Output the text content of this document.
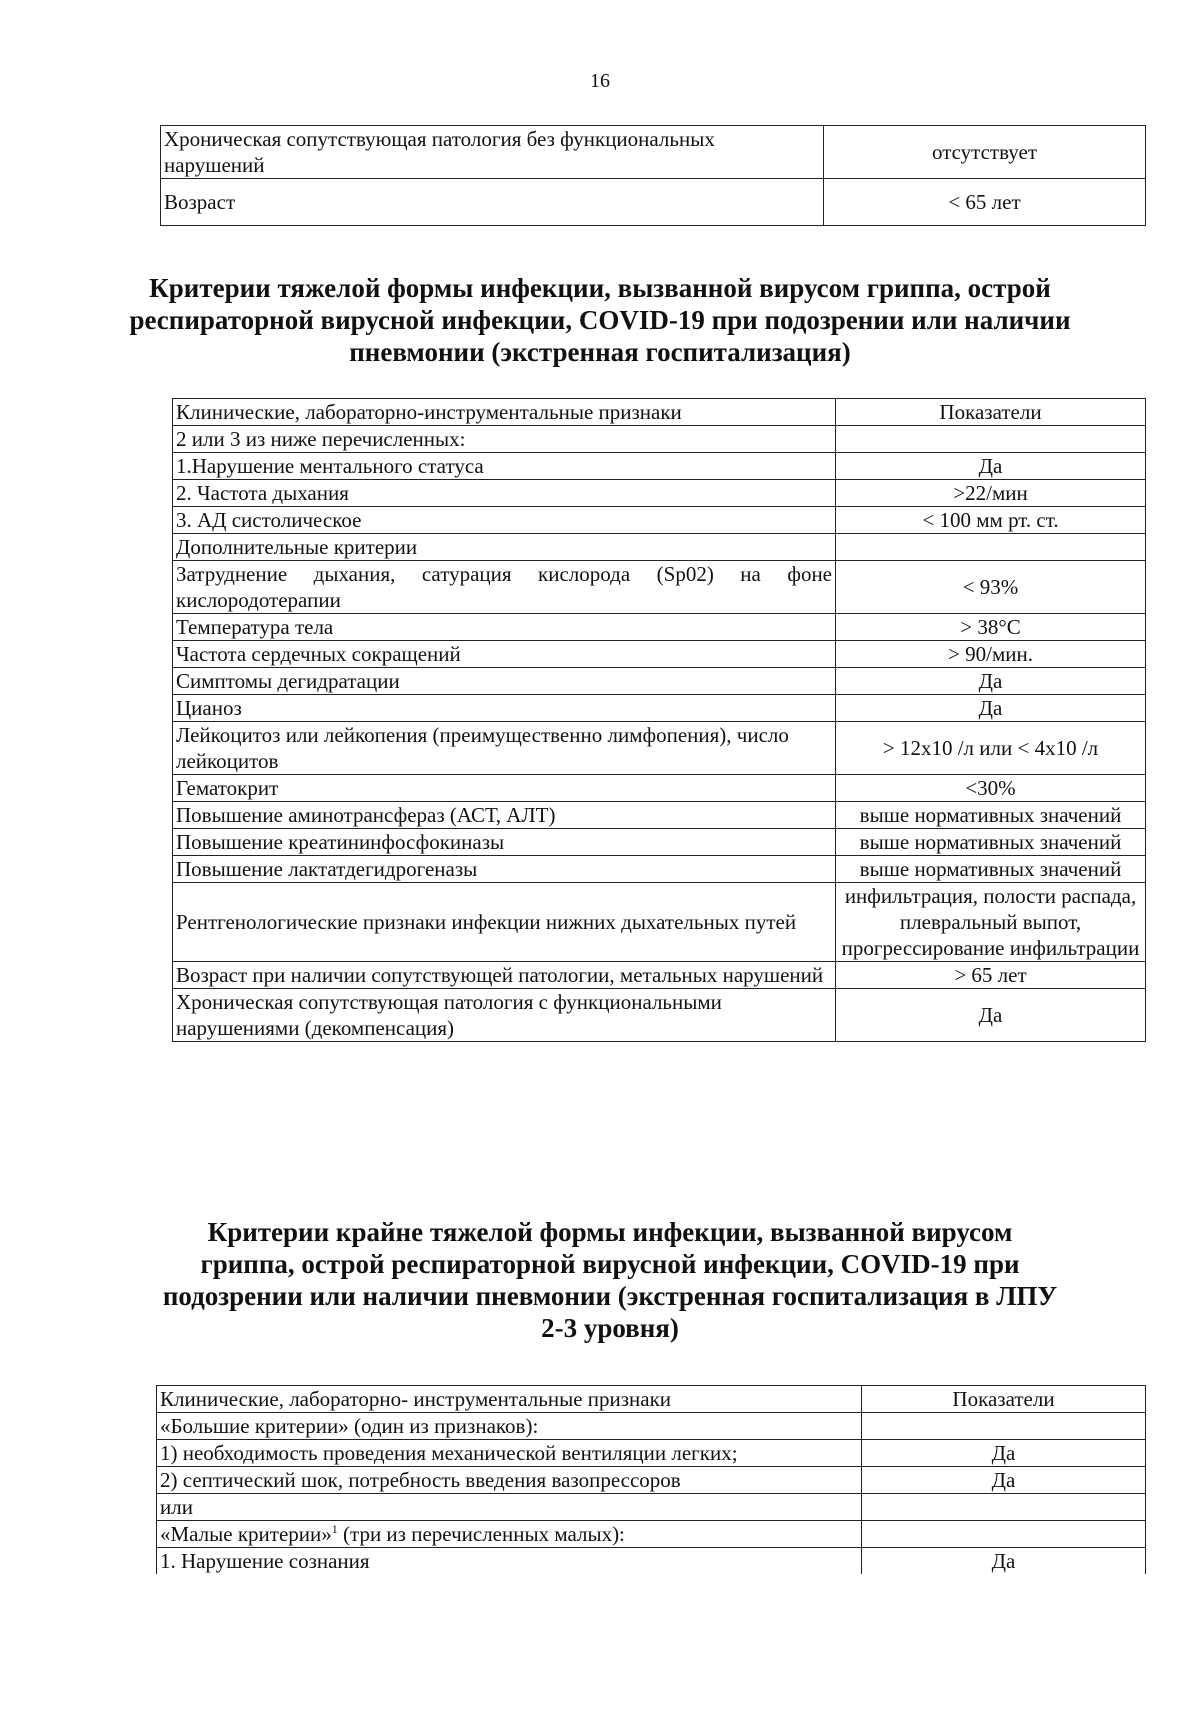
16
Хроническая сопутствующая патология без функциональных нарушений	отсутствует
Возраст	< 65 лет
Критерии тяжелой формы инфекции, вызванной вирусом гриппа, острой респираторной вирусной инфекции, COVID-19 при подозрении или наличии пневмонии (экстренная госпитализация)
Клинические, лабораторно-инструментальные признаки	Показатели
2 или 3 из ниже перечисленных:	
1.Нарушение ментального статуса	Да
2. Частота дыхания	>22/мин
3. АД систолическое	< 100 мм рт. ст.
Дополнительные критерии	
Затруднение дыхания, сатурация кислорода (Sp02) на фоне кислородотерапии	< 93%
Температура тела	> 38°С
Частота сердечных сокращений	> 90/мин.
Симптомы дегидратации	Да
Цианоз	Да
Лейкоцитоз или лейкопения (преимущественно лимфопения), число лейкоцитов	> 12x10 /л или < 4x10 /л
Гематокрит	<30%
Повышение аминотрансфераз (АСТ, АЛТ)	выше нормативных значений
Повышение креатининфосфокиназы	выше нормативных значений
Повышение лактатдегидрогеназы	выше нормативных значений
Рентгенологические признаки инфекции нижних дыхательных путей	инфильтрация, полости распада, плевральный выпот, прогрессирование инфильтрации
Возраст при наличии сопутствующей патологии, метальных нарушений	> 65 лет
Хроническая сопутствующая патология с функциональными нарушениями (декомпенсация)	Да
Критерии крайне тяжелой формы инфекции, вызванной вирусом гриппа, острой респираторной вирусной инфекции, COVID-19 при подозрении или наличии пневмонии (экстренная госпитализация в ЛПУ 2-3 уровня)
Клинические, лабораторно- инструментальные признаки	Показатели
«Большие критерии» (один из признаков):	
1) необходимость проведения механической вентиляции легких;	Да
2) септический шок, потребность введения вазопрессоров	Да
или	
«Малые критерии»$^1$ (три из перечисленных малых):	
1. Нарушение сознания	Да
